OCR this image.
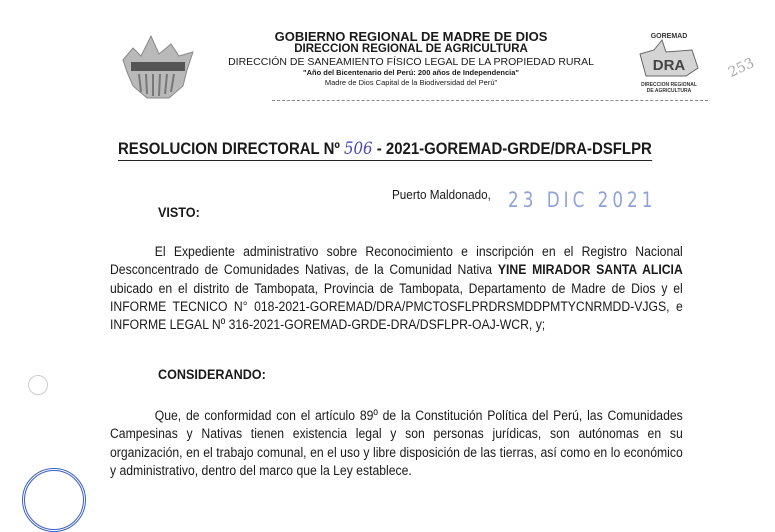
GOBIERNO REGIONAL DE MADRE DE DIOS
DIRECCION REGIONAL DE AGRICULTURA
DIRECCIÓN DE SANEAMIENTO FÍSICO LEGAL DE LA PROPIEDAD RURAL
"Año del Bicentenario del Perú: 200 años de Independencia"
Madre de Dios Capital de la Biodiversidad del Perú"
GOREMAD
DRA
DIRECCION REGIONAL
DE AGRICULTURA
253
RESOLUCION DIRECTORAL Nº 506 - 2021-GOREMAD-GRDE/DRA-DSFLPR
Puerto Maldonado, 23 DIC 2021
VISTO:
El Expediente administrativo sobre Reconocimiento e inscripción en el Registro Nacional Desconcentrado de Comunidades Nativas, de la Comunidad Nativa YINE MIRADOR SANTA ALICIA ubicado en el distrito de Tambopata, Provincia de Tambopata, Departamento de Madre de Dios y el INFORME TECNICO N° 018-2021-GOREMAD/DRA/PMCTOSFLPRDRSMDDPMTYCNRMDD-VJGS, e INFORME LEGAL Nº 316-2021-GOREMAD-GRDE-DRA/DSFLPR-OAJ-WCR, y;
CONSIDERANDO:
Que, de conformidad con el artículo 89º de la Constitución Política del Perú, las Comunidades Campesinas y Nativas tienen existencia legal y son personas jurídicas, son autónomas en su organización, en el trabajo comunal, en el uso y libre disposición de las tierras, así como en lo económico y administrativo, dentro del marco que la Ley establece.
